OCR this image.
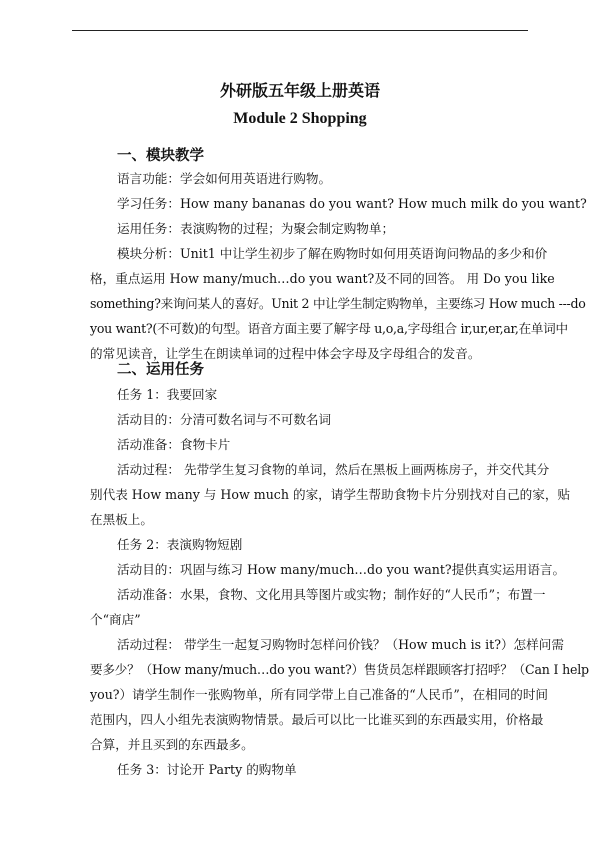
外研版五年级上册英语
Module 2 Shopping
一、模块教学
语言功能：学会如何用英语进行购物。
学习任务：How many bananas do you want? How much milk do you want?
运用任务：表演购物的过程；为聚会制定购物单；
模块分析：Unit1 中让学生初步了解在购物时如何用英语询问物品的多少和价
格，重点运用 How many/much…do you want?及不同的回答。 用 Do you like
something?来询问某人的喜好。Unit 2 中让学生制定购物单，主要练习 How much ---do
you want?(不可数)的句型。语音方面主要了解字母 u,o,a,字母组合 ir,ur,er,ar,在单词中
的常见读音，让学生在朗读单词的过程中体会字母及字母组合的发音。
二、运用任务
任务 1：我要回家
活动目的：分清可数名词与不可数名词
活动准备：食物卡片
活动过程： 先带学生复习食物的单词，然后在黑板上画两栋房子，并交代其分
别代表 How many 与 How much 的家，请学生帮助食物卡片分别找对自己的家，贴
在黑板上。
任务 2：表演购物短剧
活动目的：巩固与练习 How many/much…do you want?提供真实运用语言。
活动准备：水果，食物、文化用具等图片或实物；制作好的“人民币”；布置一
个“商店”
活动过程： 带学生一起复习购物时怎样问价钱？（How much is it?）怎样问需
要多少？（How many/much…do you want?）售货员怎样跟顾客打招呼？（Can I help
you?）请学生制作一张购物单，所有同学带上自己准备的“人民币”，在相同的时间
范围内，四人小组先表演购物情景。最后可以比一比谁买到的东西最实用，价格最
合算，并且买到的东西最多。
任务 3：讨论开 Party 的购物单
